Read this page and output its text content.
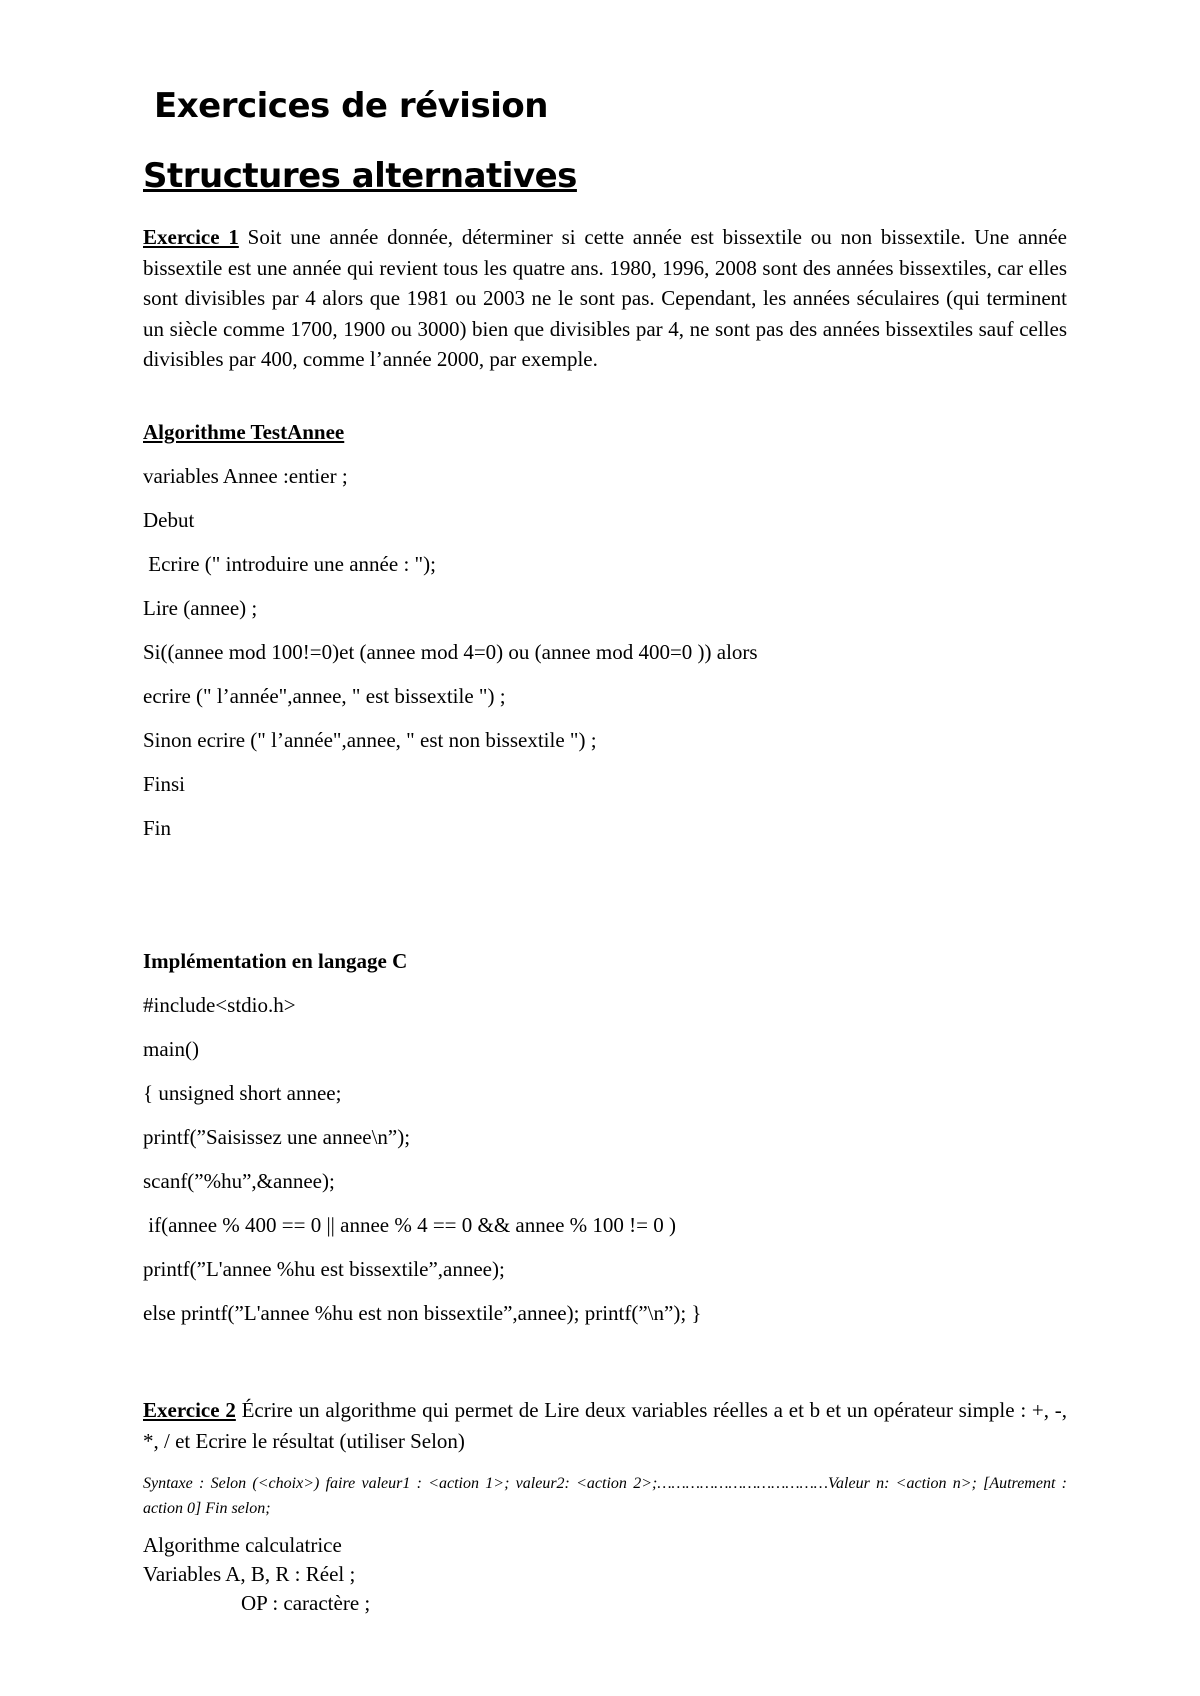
Exercices de révision
Structures alternatives
Exercice 1 Soit une année donnée, déterminer si cette année est bissextile ou non bissextile. Une année bissextile est une année qui revient tous les quatre ans. 1980, 1996, 2008 sont des années bissextiles, car elles sont divisibles par 4 alors que 1981 ou 2003 ne le sont pas. Cependant, les années séculaires (qui terminent un siècle comme 1700, 1900 ou 3000) bien que divisibles par 4, ne sont pas des années bissextiles sauf celles divisibles par 400, comme l’année 2000, par exemple.
Algorithme TestAnnee
variables Annee :entier ;
Debut
Ecrire (" introduire une année : ");
Lire (annee) ;
Si((annee mod 100!=0)et (annee mod 4=0) ou (annee mod 400=0 )) alors
ecrire (" l’année",annee, " est bissextile ") ;
Sinon ecrire (" l’année",annee, " est non bissextile ") ;
Finsi
Fin
Implémentation en langage C
#include<stdio.h>
main()
{ unsigned short annee;
printf(”Saisissez une annee\n”);
scanf(”%hu”,&annee);
if(annee % 400 == 0 || annee % 4 == 0 && annee % 100 != 0 )
printf(”L'annee %hu est bissextile”,annee);
else printf(”L'annee %hu est non bissextile”,annee); printf(”\n”); }
Exercice 2 Écrire un algorithme qui permet de Lire deux variables réelles a et b et un opérateur simple : +, -, *, / et Ecrire le résultat (utiliser Selon)
Syntaxe : Selon (<choix>) faire valeur1 : <action 1>; valeur2: <action 2>;………………………………Valeur n: <action n>; [Autrement : action 0] Fin selon;
Algorithme calculatrice
Variables A, B, R : Réel ;
OP : caractère ;
